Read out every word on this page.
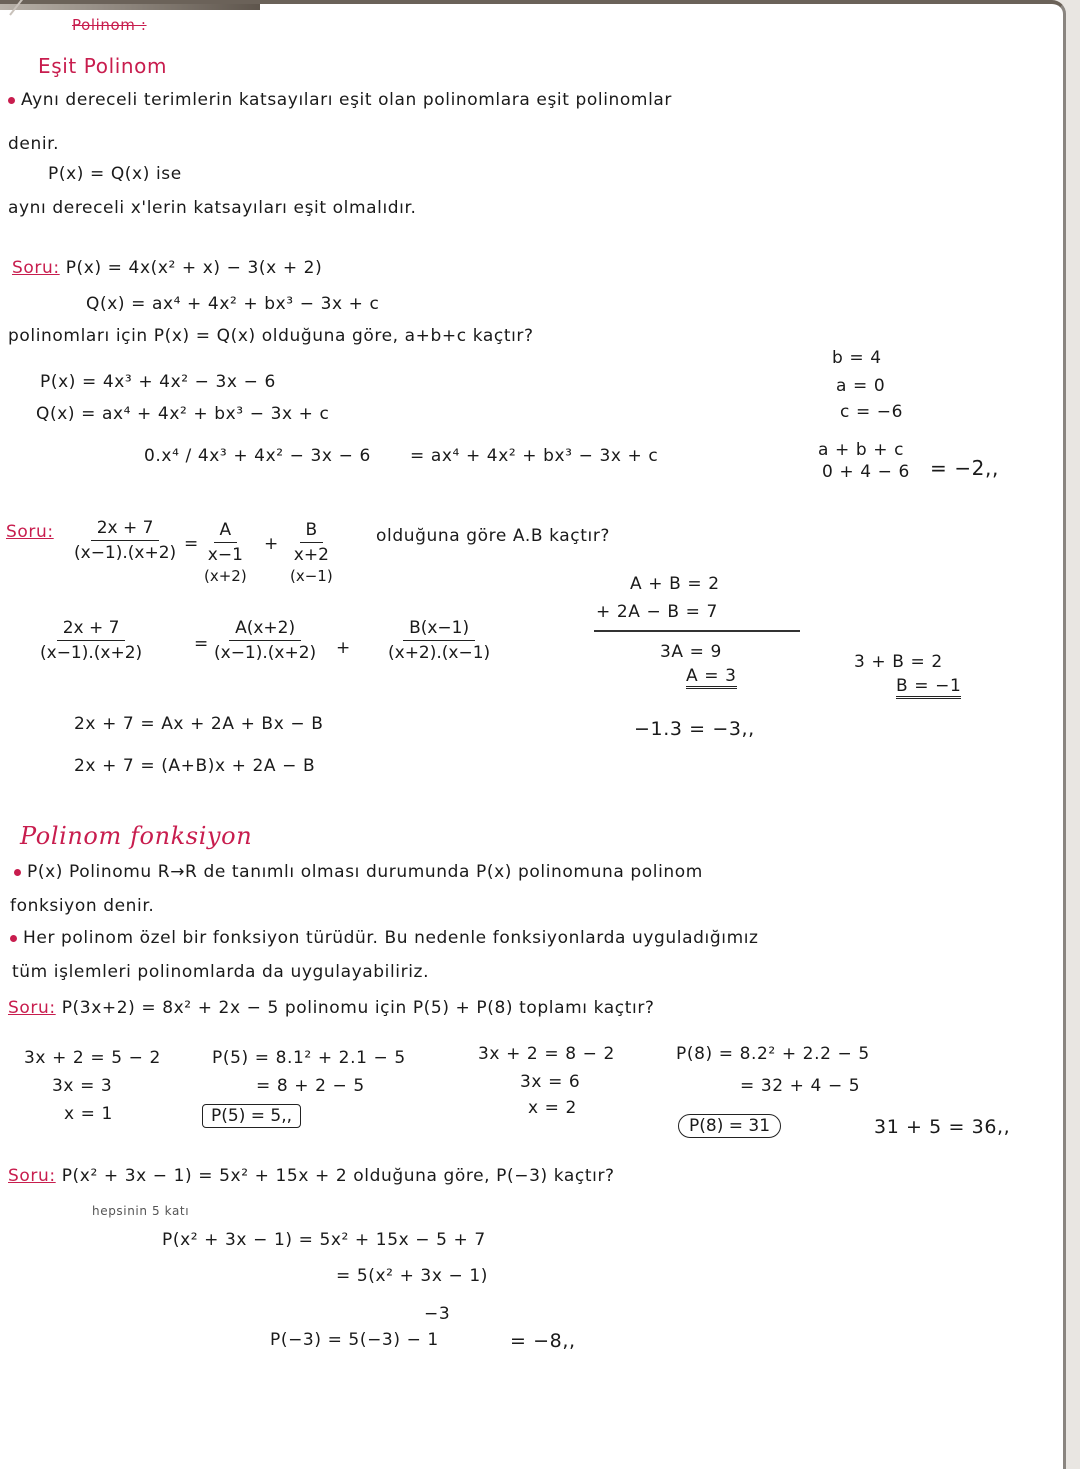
Polinom :
Eşit Polinom
Aynı dereceli terimlerin katsayıları eşit olan polinomlara eşit polinomlar
denir.
P(x) = Q(x) ise
aynı dereceli x'lerin katsayıları eşit olmalıdır.
Soru: P(x) = 4x(x² + x) − 3(x + 2)
Q(x) = ax⁴ + 4x² + bx³ − 3x + c
polinomları için P(x) = Q(x) olduğuna göre, a+b+c kaçtır?
P(x) = 4x³ + 4x² − 3x − 6
Q(x) = ax⁴ + 4x² + bx³ − 3x + c
0.x⁴ / 4x³ + 4x² − 3x − 6 = ax⁴ + 4x² + bx³ − 3x + c
b = 4
a = 0
c = −6
a + b + c
0 + 4 − 6 = −2,,
Soru: $\frac{2x + 7}{(x-1).(x+2)}$ =
A
x−1
(x+2)
+
B
x+2
(x−1)
olduğuna göre A.B kaçtır?
$\frac{2x + 7}{(x-1).(x+2)}$	= $\frac{A(x+2)}{(x-1).(x+2)} + \frac{B(x-1)}{(x+2).(x-1)}$
2x + 7 = Ax + 2A + Bx − B
2x + 7 = (A+B)x + 2A − B
A + B = 2
+ 2A − B = 7
3A = 9
A = 3
−1.3 = −3,,
3 + B = 2
B = −1
Polinom fonksiyon
P(x) Polinomu R→R de tanımlı olması durumunda P(x) polinomuna polinom
fonksiyon denir.
Her polinom özel bir fonksiyon türüdür. Bu nedenle fonksiyonlarda uyguladığımız
tüm işlemleri polinomlarda da uygulayabiliriz.
Soru: P(3x+2) = 8x² + 2x − 5 polinomu için P(5) + P(8) toplamı kaçtır?
3x + 2 = 5 − 2
3x = 3
x = 1
P(5) = 8.1² + 2.1 − 5
= 8 + 2 − 5
P(5) = 5,,
3x + 2 = 8 − 2
3x = 6
x = 2
P(8) = 8.2² + 2.2 − 5
= 32 + 4 − 5
P(8) = 31	31 + 5 = 36,,
Soru: P(x² + 3x − 1) = 5x² + 15x + 2 olduğuna göre, P(−3) kaçtır?
hepsinin 5 katı
P(x² + 3x − 1) = 5x² + 15x − 5 + 7
= 5(x² + 3x − 1)
−3
P(−3) = 5(−3) − 1	= −8,,
